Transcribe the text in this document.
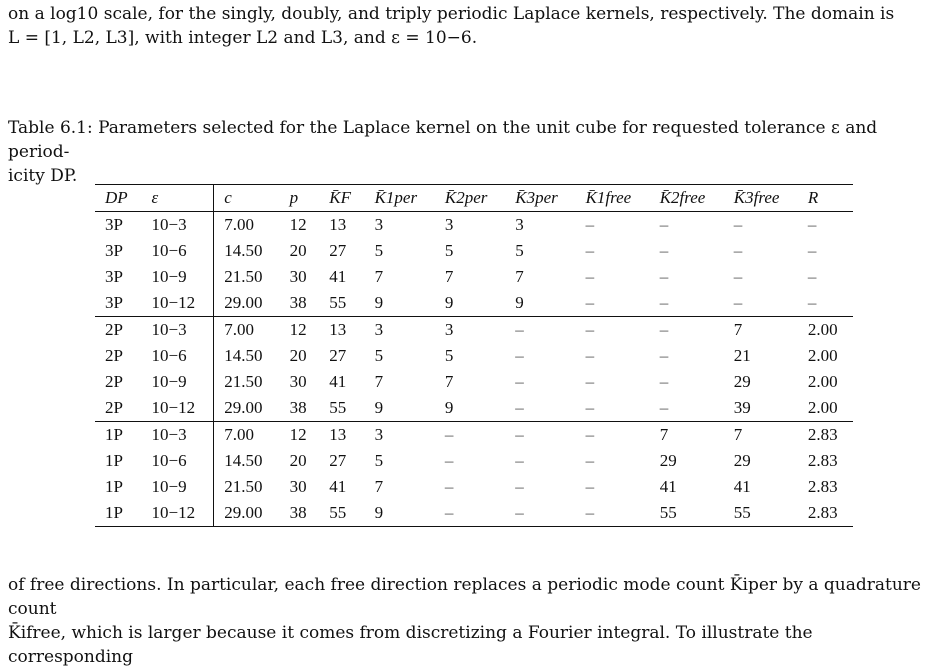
on a log10 scale, for the singly, doubly, and triply periodic Laplace kernels, respectively. The domain is
L = [1, L2, L3], with integer L2 and L3, and ε = 10−6.

Table 6.1: Parameters selected for the Laplace kernel on the unit cube for requested tolerance ε and period-
icity DP.

DP	ε	c	p	K̄F	K̄1per	K̄2per	K̄3per	K̄1free	K̄2free	K̄3free	R
3P	10−3	7.00	12	13	3	3	3	–	–	–	–
3P	10−6	14.50	20	27	5	5	5	–	–	–	–
3P	10−9	21.50	30	41	7	7	7	–	–	–	–
3P	10−12	29.00	38	55	9	9	9	–	–	–	–
2P	10−3	7.00	12	13	3	3	–	–	–	7	2.00
2P	10−6	14.50	20	27	5	5	–	–	–	21	2.00
2P	10−9	21.50	30	41	7	7	–	–	–	29	2.00
2P	10−12	29.00	38	55	9	9	–	–	–	39	2.00
1P	10−3	7.00	12	13	3	–	–	–	7	7	2.83
1P	10−6	14.50	20	27	5	–	–	–	29	29	2.83
1P	10−9	21.50	30	41	7	–	–	–	41	41	2.83
1P	10−12	29.00	38	55	9	–	–	–	55	55	2.83

of free directions. In particular, each free direction replaces a periodic mode count K̄iper by a quadrature count
K̄ifree, which is larger because it comes from discretizing a Fourier integral. To illustrate the corresponding
